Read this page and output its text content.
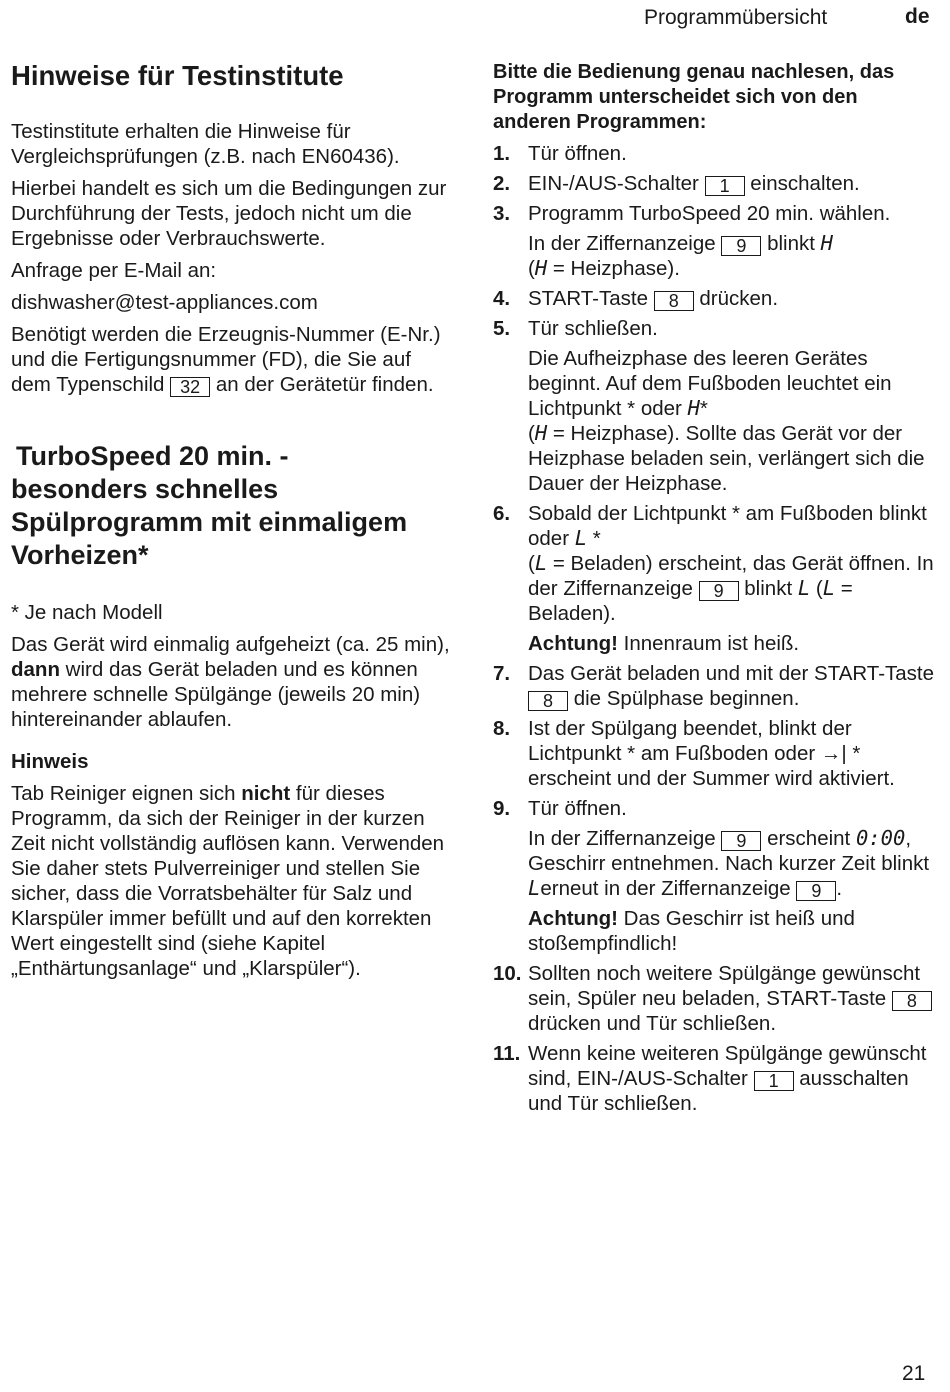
Programmübersicht	de
Hinweise für Testinstitute

Testinstitute erhalten die Hinweise für Vergleichsprüfungen (z.B. nach EN60436).

Hierbei handelt es sich um die Bedingungen zur Durchführung der Tests, jedoch nicht um die Ergebnisse oder Verbrauchswerte.

Anfrage per E-Mail an:

dishwasher@test-appliances.com

Benötigt werden die Erzeugnis-Nummer (E-Nr.) und die Fertigungsnummer (FD), die Sie auf dem Typenschild 32 an der Gerätetür finden.

TurboSpeed 20 min. -
besonders schnelles
Spülprogramm mit einmaligem
Vorheizen*

* Je nach Modell

Das Gerät wird einmalig aufgeheizt (ca. 25 min), dann wird das Gerät beladen und es können mehrere schnelle Spülgänge (jeweils 20 min) hintereinander ablaufen.

Hinweis

Tab Reiniger eignen sich nicht für dieses Programm, da sich der Reiniger in der kurzen Zeit nicht vollständig auflösen kann. Verwenden Sie daher stets Pulverreiniger und stellen Sie sicher, dass die Vorratsbehälter für Salz und Klarspüler immer befüllt und auf den korrekten Wert eingestellt sind (siehe Kapitel „Enthärtungsanlage“ und „Klarspüler“).

Bitte die Bedienung genau nachlesen, das Programm unterscheidet sich von den anderen Programmen:
1. Tür öffnen.
2. EIN-/AUS-Schalter 1 einschalten.
3. Programm TurboSpeed 20 min. wählen.
In der Ziffernanzeige 9 blinkt H
(H = Heizphase).
4. START-Taste 8 drücken.
5. Tür schließen.
Die Aufheizphase des leeren Gerätes beginnt. Auf dem Fußboden leuchtet ein Lichtpunkt * oder H*
(H = Heizphase). Sollte das Gerät vor der Heizphase beladen sein, verlängert sich die Dauer der Heizphase.
6. Sobald der Lichtpunkt * am Fußboden blinkt oder L *
(L = Beladen) erscheint, das Gerät öffnen. In der Ziffernanzeige 9 blinkt L (L = Beladen).
Achtung! Innenraum ist heiß.
7. Das Gerät beladen und mit der START-Taste 8 die Spülphase beginnen.
8. Ist der Spülgang beendet, blinkt der Lichtpunkt * am Fußboden oder →| * erscheint und der Summer wird aktiviert.
9. Tür öffnen.
In der Ziffernanzeige 9 erscheint 0:00, Geschirr entnehmen. Nach kurzer Zeit blinkt Lerneut in der Ziffernanzeige 9 .
Achtung! Das Geschirr ist heiß und stoßempfindlich!
10. Sollten noch weitere Spülgänge gewünscht sein, Spüler neu beladen, START-Taste 8 drücken und Tür schließen.
11. Wenn keine weiteren Spülgänge gewünscht sind, EIN-/AUS-Schalter 1 ausschalten und Tür schließen.
21
